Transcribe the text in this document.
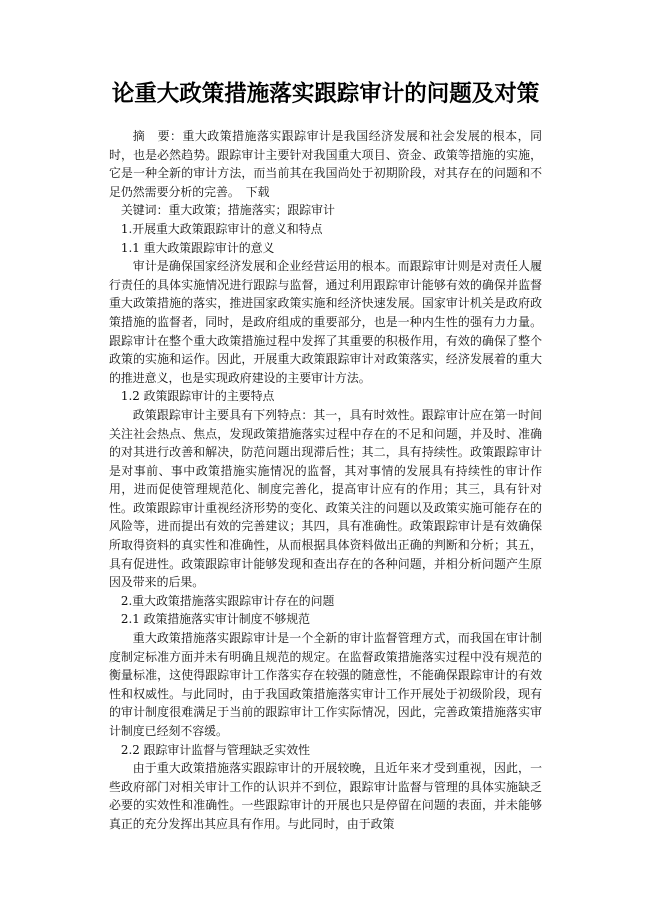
论重大政策措施落实跟踪审计的问题及对策

摘　要：重大政策措施落实跟踪审计是我国经济发展和社会发展的根本，同时，也是必然趋势。跟踪审计主要针对我国重大项目、资金、政策等措施的实施，它是一种全新的审计方法，而当前其在我国尚处于初期阶段，对其存在的问题和不足仍然需要分析的完善。　下载

关键词：重大政策；措施落实；跟踪审计

1.开展重大政策跟踪审计的意义和特点

1.1 重大政策跟踪审计的意义

审计是确保国家经济发展和企业经营运用的根本。而跟踪审计则是对责任人履行责任的具体实施情况进行跟踪与监督，通过利用跟踪审计能够有效的确保并监督重大政策措施的落实，推进国家政策实施和经济快速发展。国家审计机关是政府政策措施的监督者，同时，是政府组成的重要部分，也是一种内生性的强有力力量。跟踪审计在整个重大政策措施过程中发挥了其重要的积极作用，有效的确保了整个政策的实施和运作。因此，开展重大政策跟踪审计对政策落实，经济发展着的重大的推进意义，也是实现政府建设的主要审计方法。

1.2 政策跟踪审计的主要特点

政策跟踪审计主要具有下列特点：其一，具有时效性。跟踪审计应在第一时间关注社会热点、焦点，发现政策措施落实过程中存在的不足和问题，并及时、准确的对其进行改善和解决，防范问题出现滞后性；其二，具有持续性。政策跟踪审计是对事前、事中政策措施实施情况的监督，其对事情的发展具有持续性的审计作用，进而促使管理规范化、制度完善化，提高审计应有的作用；其三，具有针对性。政策跟踪审计重视经济形势的变化、政策关注的问题以及政策实施可能存在的风险等，进而提出有效的完善建议；其四，具有准确性。政策跟踪审计是有效确保所取得资料的真实性和准确性，从而根据具体资料做出正确的判断和分析；其五，具有促进性。政策跟踪审计能够发现和查出存在的各种问题，并相分析问题产生原因及带来的后果。

2.重大政策措施落实跟踪审计存在的问题

2.1 政策措施落实审计制度不够规范

重大政策措施落实跟踪审计是一个全新的审计监督管理方式，而我国在审计制度制定标准方面并未有明确且规范的规定。在监督政策措施落实过程中没有规范的衡量标准，这使得跟踪审计工作落实存在较强的随意性，不能确保跟踪审计的有效性和权威性。与此同时，由于我国政策措施落实审计工作开展处于初级阶段，现有的审计制度很难满足于当前的跟踪审计工作实际情况，因此，完善政策措施落实审计制度已经刻不容缓。

2.2 跟踪审计监督与管理缺乏实效性

由于重大政策措施落实跟踪审计的开展较晚，且近年来才受到重视，因此，一些政府部门对相关审计工作的认识并不到位，跟踪审计监督与管理的具体实施缺乏必要的实效性和准确性。一些跟踪审计的开展也只是停留在问题的表面，并未能够真正的充分发挥出其应具有作用。与此同时，由于政策
